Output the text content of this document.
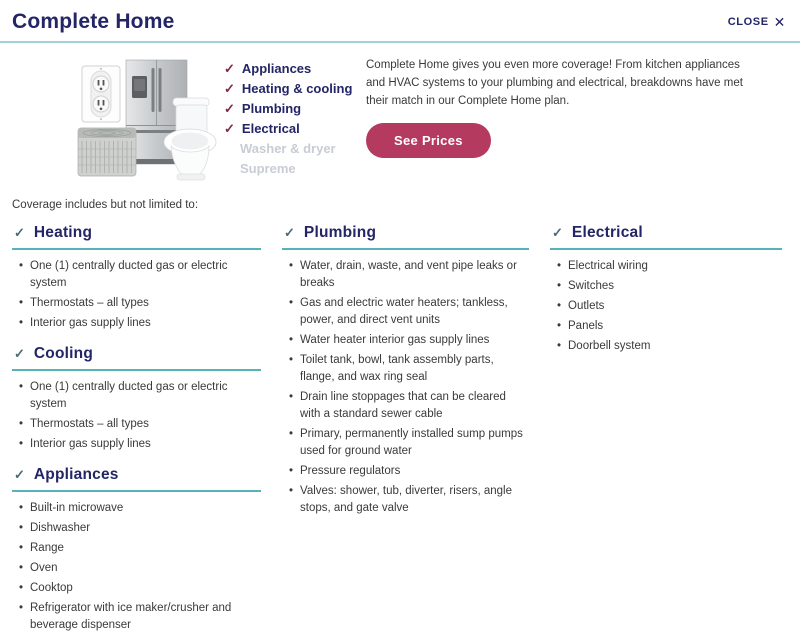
Complete Home	CLOSE ✕
✓ Appliances
✓ Heating & cooling
✓ Plumbing
✓ Electrical
Washer & dryer
Supreme

Complete Home gives you even more coverage! From kitchen appliances and HVAC systems to your plumbing and electrical, breakdowns have met their match in our Complete Home plan.

See Prices
Coverage includes but not limited to:
✓ Heating
• One (1) centrally ducted gas or electric system
• Thermostats – all types
• Interior gas supply lines
✓ Cooling
• One (1) centrally ducted gas or electric system
• Thermostats – all types
• Interior gas supply lines
✓ Appliances
• Built-in microwave
• Dishwasher
• Range
• Oven
• Cooktop
• Refrigerator with ice maker/crusher and beverage dispenser
✓ Plumbing
• Water, drain, waste, and vent pipe leaks or breaks
• Gas and electric water heaters; tankless, power, and direct vent units
• Water heater interior gas supply lines
• Toilet tank, bowl, tank assembly parts, flange, and wax ring seal
• Drain line stoppages that can be cleared with a standard sewer cable
• Primary, permanently installed sump pumps used for ground water
• Pressure regulators
• Valves: shower, tub, diverter, risers, angle stops, and gate valve
✓ Electrical
• Electrical wiring
• Switches
• Outlets
• Panels
• Doorbell system
